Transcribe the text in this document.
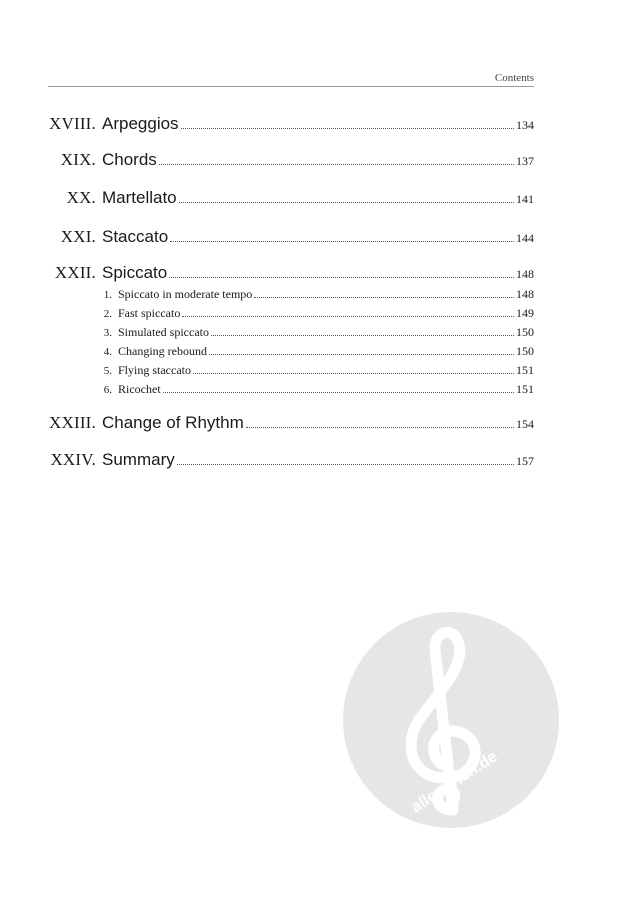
Contents
XVIII. Arpeggios	134
XIX. Chords	137
XX. Martellato	141
XXI. Staccato	144
XXII. Spiccato	148
1. Spiccato in moderate tempo	148
2. Fast spiccato	149
3. Simulated spiccato	150
4. Changing rebound	150
5. Flying staccato	151
6. Ricochet	151
XXIII. Change of Rhythm	154
XXIV. Summary	157
alle-noten.de
